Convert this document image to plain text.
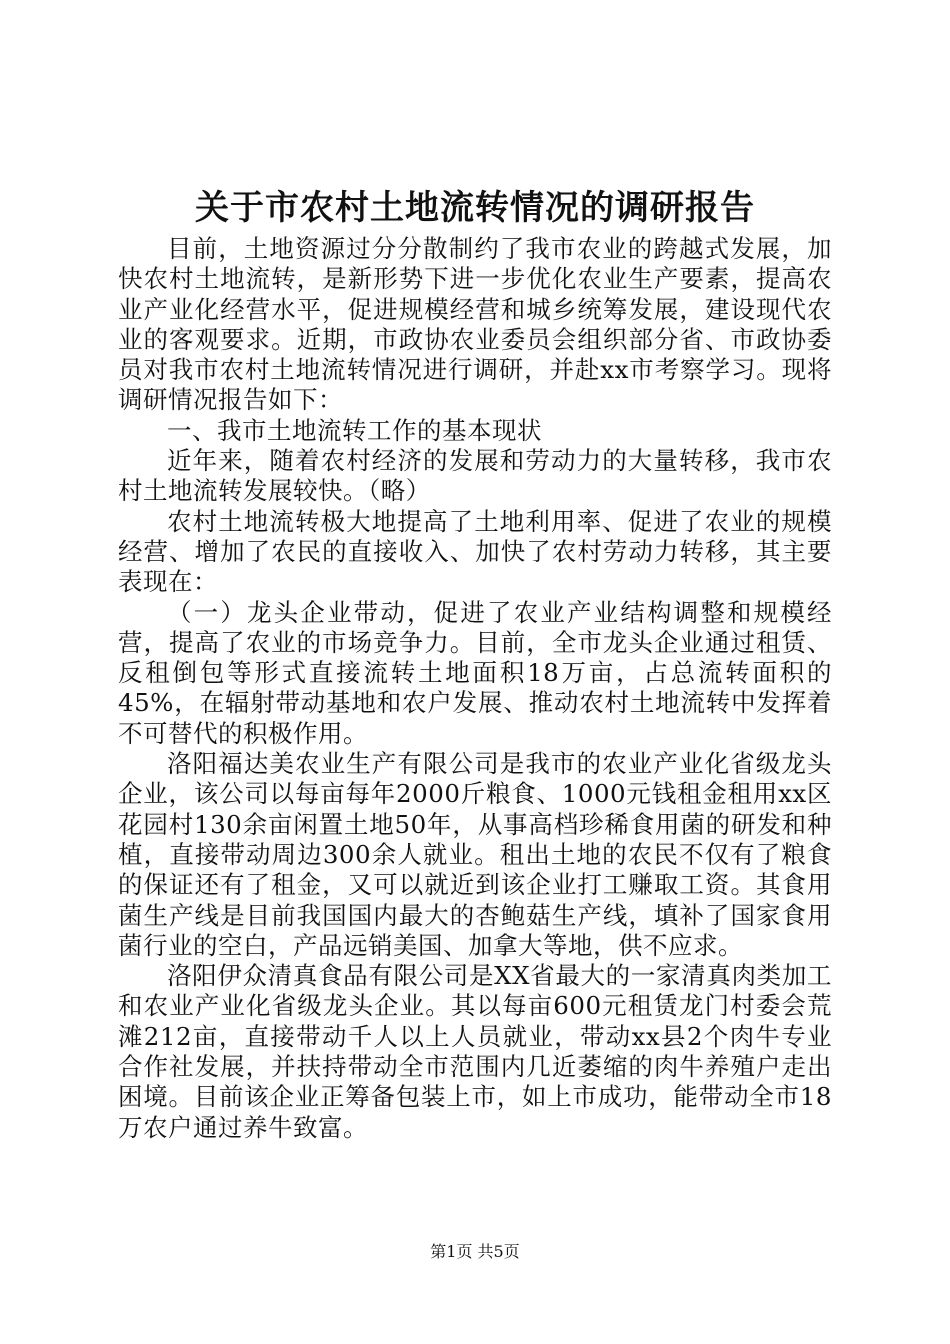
关于市农村土地流转情况的调研报告

目前，土地资源过分分散制约了我市农业的跨越式发展，加快农村土地流转，是新形势下进一步优化农业生产要素，提高农业产业化经营水平，促进规模经营和城乡统筹发展，建设现代农业的客观要求。近期，市政协农业委员会组织部分省、市政协委员对我市农村土地流转情况进行调研，并赴xx市考察学习。现将调研情况报告如下：

一、我市土地流转工作的基本现状

近年来，随着农村经济的发展和劳动力的大量转移，我市农村土地流转发展较快。（略）

农村土地流转极大地提高了土地利用率、促进了农业的规模经营、增加了农民的直接收入、加快了农村劳动力转移，其主要表现在：

（一）龙头企业带动，促进了农业产业结构调整和规模经营，提高了农业的市场竞争力。目前，全市龙头企业通过租赁、反租倒包等形式直接流转土地面积18万亩，占总流转面积的45%，在辐射带动基地和农户发展、推动农村土地流转中发挥着不可替代的积极作用。

洛阳福达美农业生产有限公司是我市的农业产业化省级龙头企业，该公司以每亩每年2000斤粮食、1000元钱租金租用xx区花园村130余亩闲置土地50年，从事高档珍稀食用菌的研发和种植，直接带动周边300余人就业。租出土地的农民不仅有了粮食的保证还有了租金，又可以就近到该企业打工赚取工资。其食用菌生产线是目前我国国内最大的杏鲍菇生产线，填补了国家食用菌行业的空白，产品远销美国、加拿大等地，供不应求。

洛阳伊众清真食品有限公司是XX省最大的一家清真肉类加工和农业产业化省级龙头企业。其以每亩600元租赁龙门村委会荒滩212亩，直接带动千人以上人员就业，带动xx县2个肉牛专业合作社发展，并扶持带动全市范围内几近萎缩的肉牛养殖户走出困境。目前该企业正筹备包装上市，如上市成功，能带动全市18万农户通过养牛致富。

第1页 共5页
